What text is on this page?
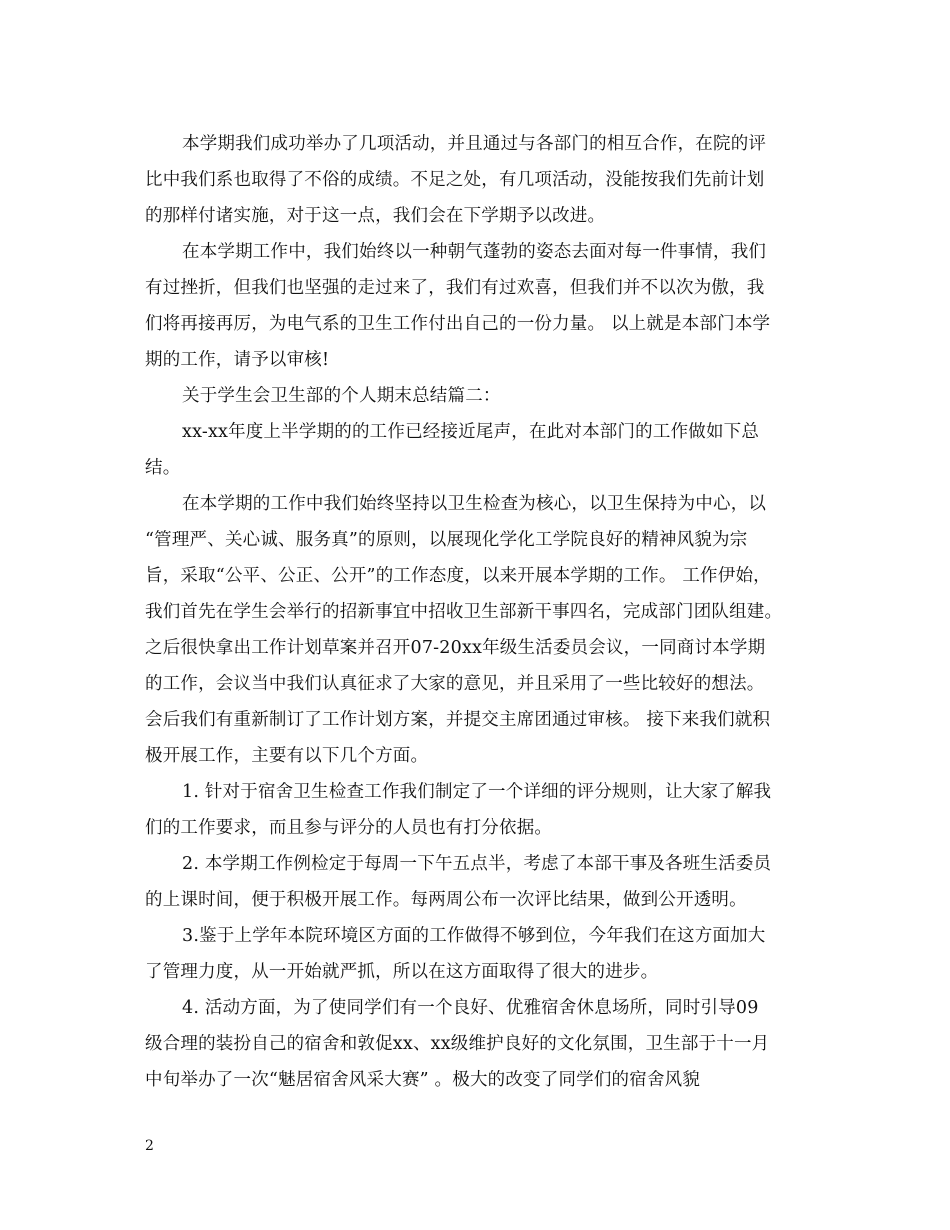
本学期我们成功举办了几项活动，并且通过与各部门的相互合作，在院的评
比中我们系也取得了不俗的成绩。不足之处，有几项活动，没能按我们先前计划
的那样付诸实施，对于这一点，我们会在下学期予以改进。
在本学期工作中，我们始终以一种朝气蓬勃的姿态去面对每一件事情，我们
有过挫折，但我们也坚强的走过来了，我们有过欢喜，但我们并不以次为傲，我
们将再接再厉，为电气系的卫生工作付出自己的一份力量。 以上就是本部门本学
期的工作，请予以审核!
关于学生会卫生部的个人期末总结篇二：
xx-xx年度上半学期的的工作已经接近尾声，在此对本部门的工作做如下总
结。
在本学期的工作中我们始终坚持以卫生检查为核心，以卫生保持为中心，以
“管理严、关心诚、服务真”的原则，以展现化学化工学院良好的精神风貌为宗
旨，采取“公平、公正、公开”的工作态度，以来开展本学期的工作。 工作伊始，
我们首先在学生会举行的招新事宜中招收卫生部新干事四名，完成部门团队组建。
之后很快拿出工作计划草案并召开07-20xx年级生活委员会议，一同商讨本学期
的工作，会议当中我们认真征求了大家的意见，并且采用了一些比较好的想法。
会后我们有重新制订了工作计划方案，并提交主席团通过审核。 接下来我们就积
极开展工作，主要有以下几个方面。
1. 针对于宿舍卫生检查工作我们制定了一个详细的评分规则，让大家了解我
们的工作要求，而且参与评分的人员也有打分依据。
2. 本学期工作例检定于每周一下午五点半，考虑了本部干事及各班生活委员
的上课时间，便于积极开展工作。每两周公布一次评比结果，做到公开透明。
3.鉴于上学年本院环境区方面的工作做得不够到位，今年我们在这方面加大
了管理力度，从一开始就严抓，所以在这方面取得了很大的进步。
4. 活动方面，为了使同学们有一个良好、优雅宿舍休息场所，同时引导09
级合理的装扮自己的宿舍和敦促xx、xx级维护良好的文化氛围，卫生部于十一月
中旬举办了一次“魅居宿舍风采大赛” 。极大的改变了同学们的宿舍风貌
2
